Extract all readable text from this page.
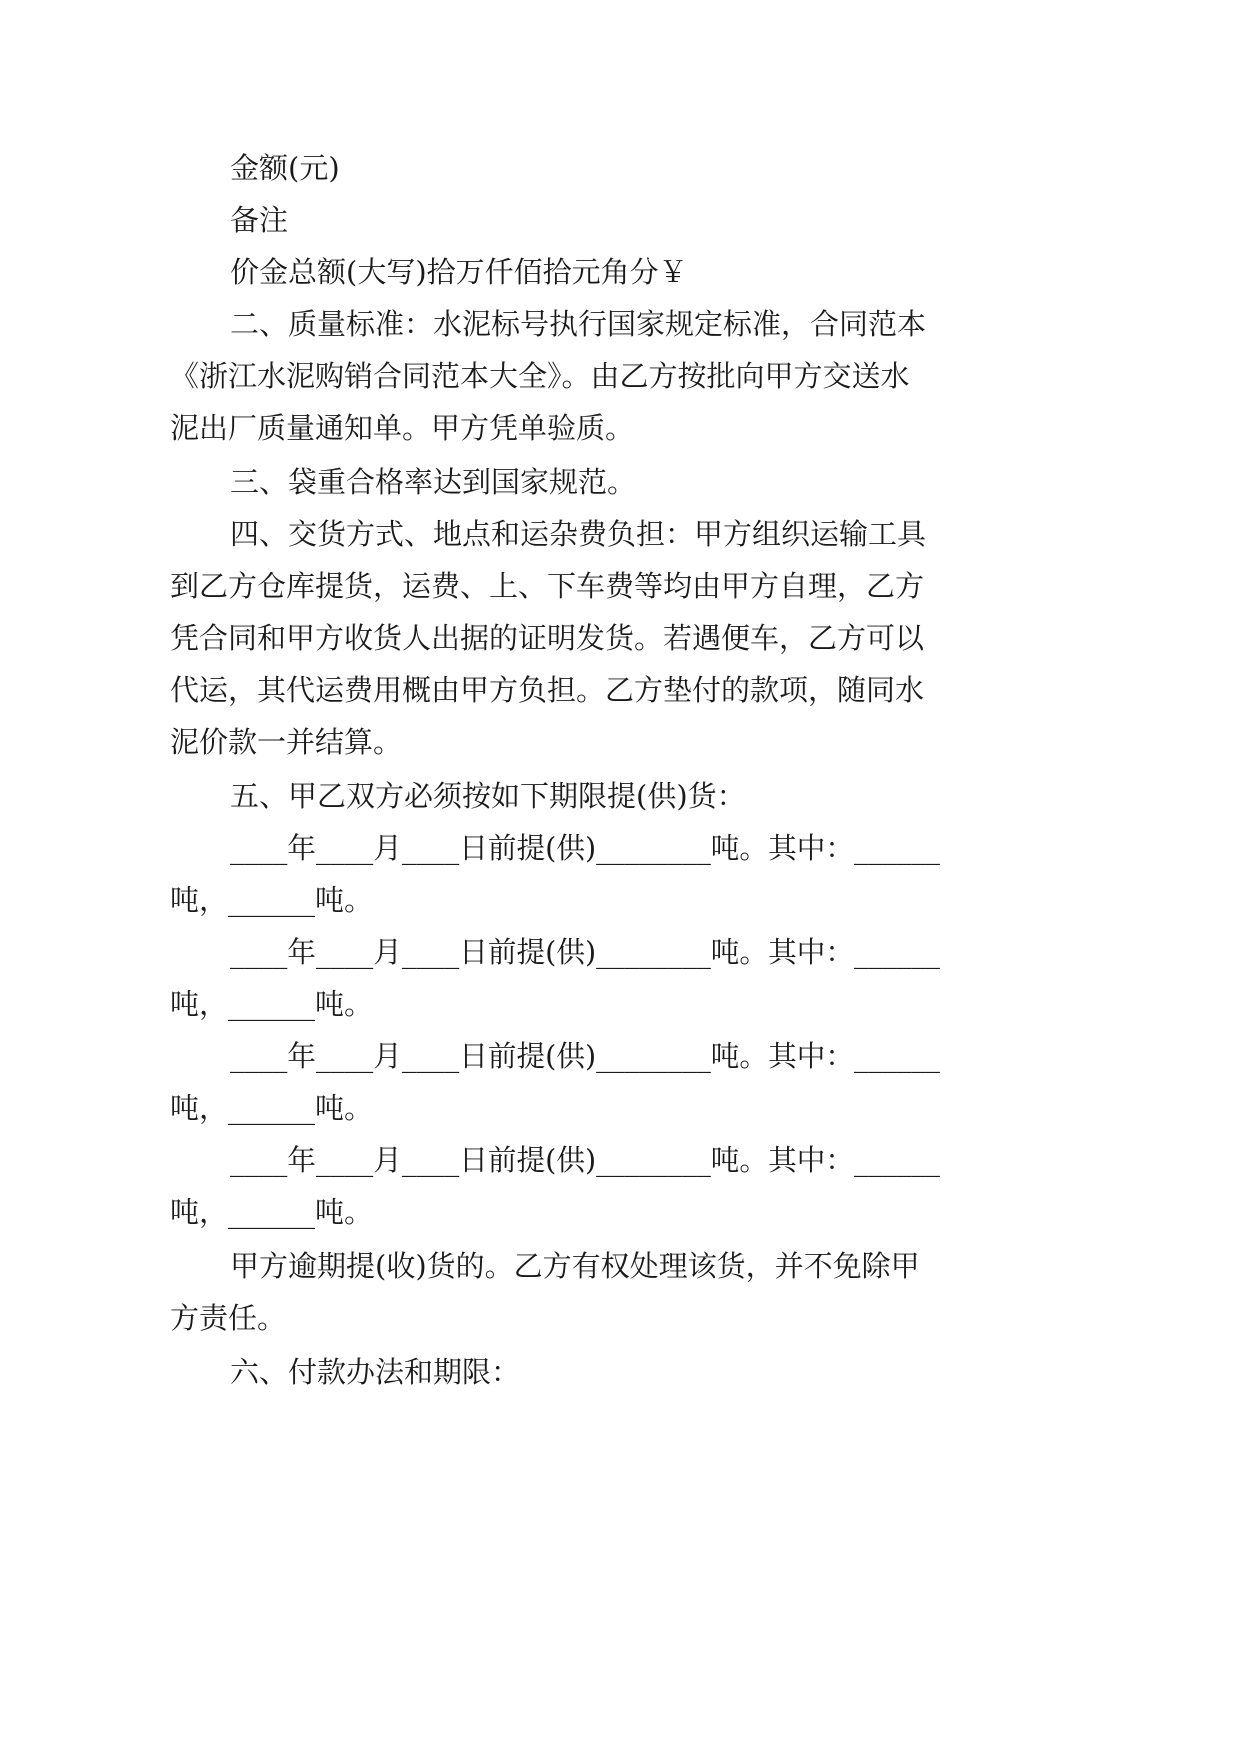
金额(元)
备注
价金总额(大写)拾万仟佰拾元角分￥
二、质量标准：水泥标号执行国家规定标准，合同范本
《浙江水泥购销合同范本大全》。由乙方按批向甲方交送水
泥出厂质量通知单。甲方凭单验质。
三、袋重合格率达到国家规范。
四、交货方式、地点和运杂费负担：甲方组织运输工具
到乙方仓库提货，运费、上、下车费等均由甲方自理，乙方
凭合同和甲方收货人出据的证明发货。若遇便车，乙方可以
代运，其代运费用概由甲方负担。乙方垫付的款项，随同水
泥价款一并结算。
五、甲乙双方必须按如下期限提(供)货：
____年____月____日前提(供)________吨。其中：______
吨，______吨。
____年____月____日前提(供)________吨。其中：______
吨，______吨。
____年____月____日前提(供)________吨。其中：______
吨，______吨。
____年____月____日前提(供)________吨。其中：______
吨，______吨。
甲方逾期提(收)货的。乙方有权处理该货，并不免除甲
方责任。
六、付款办法和期限：
